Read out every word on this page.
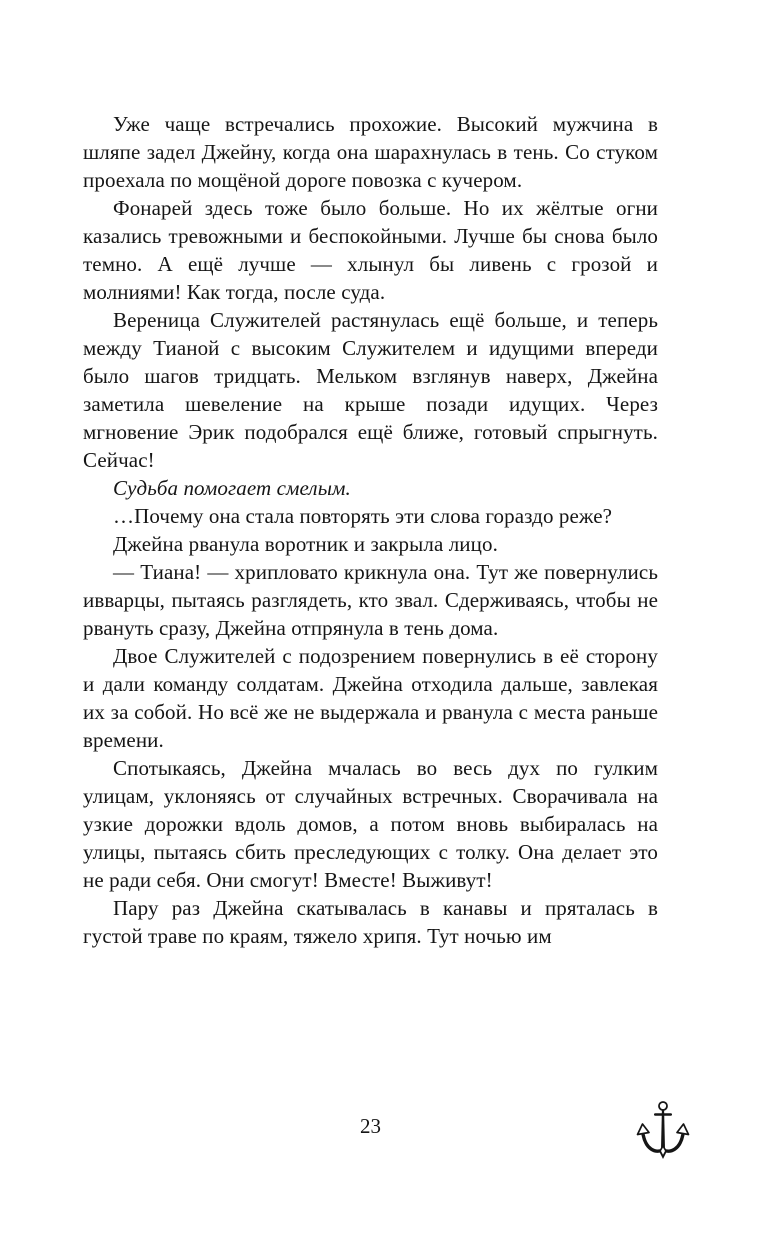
Уже чаще встречались прохожие. Высокий мужчина в шляпе задел Джейну, когда она шарахнулась в тень. Со стуком проехала по мощёной дороге повозка с кучером.

Фонарей здесь тоже было больше. Но их жёлтые огни казались тревожными и беспокойными. Лучше бы снова было темно. А ещё лучше — хлынул бы ливень с грозой и молниями! Как тогда, после суда.

Вереница Служителей растянулась ещё больше, и теперь между Тианой с высоким Служителем и идущими впереди было шагов тридцать. Мельком взглянув наверх, Джейна заметила шевеление на крыше позади идущих. Через мгновение Эрик подобрался ещё ближе, готовый спрыгнуть. Сейчас!

Судьба помогает смелым.

…Почему она стала повторять эти слова гораздо реже?

Джейна рванула воротник и закрыла лицо.

— Тиана! — хрипловато крикнула она. Тут же повернулись ивварцы, пытаясь разглядеть, кто звал. Сдерживаясь, чтобы не рвануть сразу, Джейна отпрянула в тень дома.

Двое Служителей с подозрением повернулись в её сторону и дали команду солдатам. Джейна отходила дальше, завлекая их за собой. Но всё же не выдержала и рванула с места раньше времени.

Спотыкаясь, Джейна мчалась во весь дух по гулким улицам, уклоняясь от случайных встречных. Сворачивала на узкие дорожки вдоль домов, а потом вновь выбиралась на улицы, пытаясь сбить преследующих с толку. Она делает это не ради себя. Они смогут! Вместе! Выживут!

Пару раз Джейна скатывалась в канавы и пряталась в густой траве по краям, тяжело хрипя. Тут ночью им

23
